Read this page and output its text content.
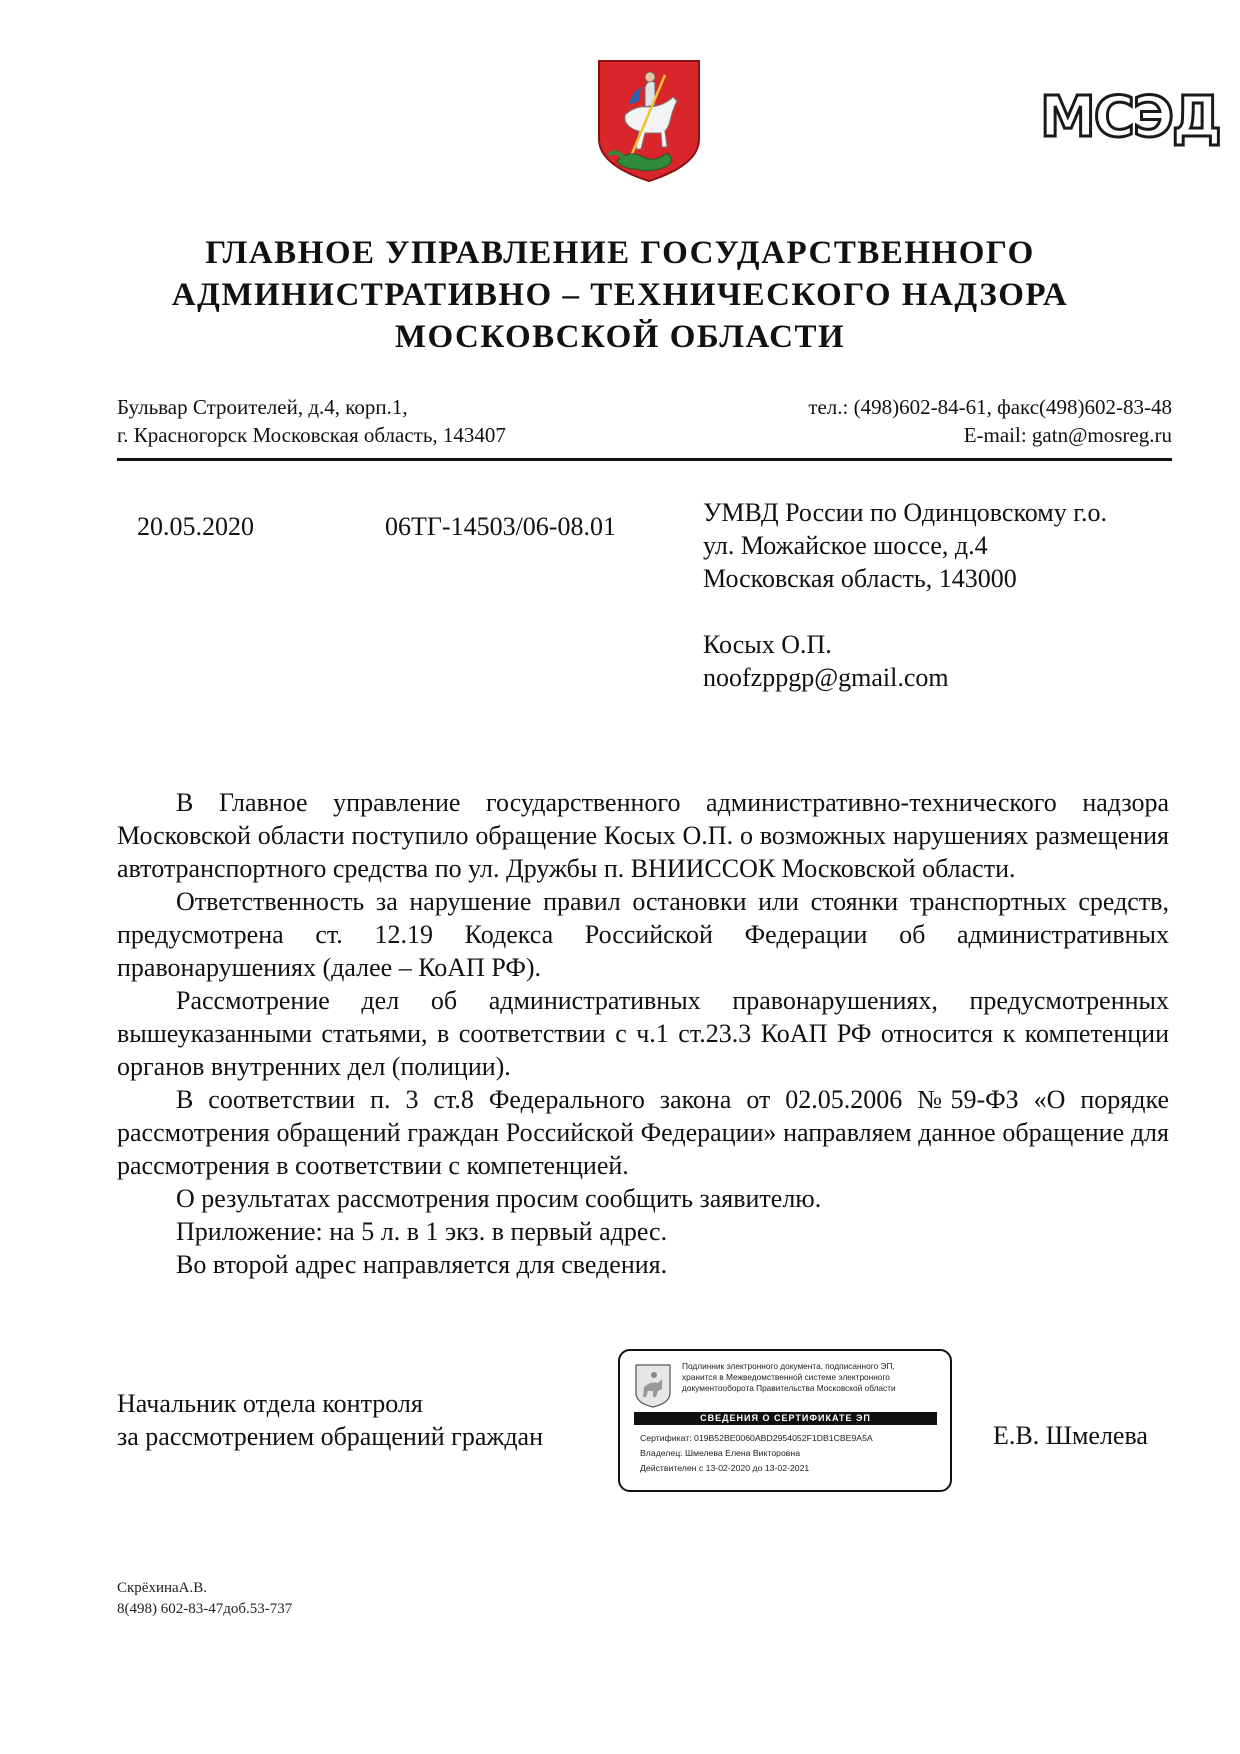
МСЭД
ГЛАВНОЕ УПРАВЛЕНИЕ ГОСУДАРСТВЕННОГО
АДМИНИСТРАТИВНО – ТЕХНИЧЕСКОГО НАДЗОРА
МОСКОВСКОЙ ОБЛАСТИ
Бульвар Строителей, д.4, корп.1,
г. Красногорск Московская область, 143407
тел.: (498)602-84-61, факс(498)602-83-48
E-mail: gatn@mosreg.ru
20.05.2020	06ТГ-14503/06-08.01	УМВД России по Одинцовскому г.о.
ул. Можайское шоссе, д.4
Московская область, 143000
Косых О.П.
noofzppgp@gmail.com

В Главное управление государственного административно-технического надзора Московской области поступило обращение Косых О.П. о возможных нарушениях размещения автотранспортного средства по ул. Дружбы п. ВНИИССОК Московской области.

Ответственность за нарушение правил остановки или стоянки транспортных средств, предусмотрена ст. 12.19 Кодекса Российской Федерации об административных правонарушениях (далее – КоАП РФ).

Рассмотрение дел об административных правонарушениях, предусмотренных вышеуказанными статьями, в соответствии с ч.1 ст.23.3 КоАП РФ относится к компетенции органов внутренних дел (полиции).

В соответствии п. 3 ст.8 Федерального закона от 02.05.2006 №59-ФЗ «О порядке рассмотрения обращений граждан Российской Федерации» направляем данное обращение для рассмотрения в соответствии с компетенцией.

О результатах рассмотрения просим сообщить заявителю.

Приложение: на 5 л. в 1 экз. в первый адрес.

Во второй адрес направляется для сведения.

Начальник отдела контроля
за рассмотрением обращений граждан
Подлинник электронного документа, подписанного ЭП,
хранится в Межведомственной системе электронного
документооборота Правительства Московской области
СВЕДЕНИЯ О СЕРТИФИКАТЕ ЭП
Сертификат: 019B52BE0060ABD2954052F1DB1CBE9A5A
Владелец: Шмелева Елена Викторовна
Действителен с 13-02-2020 до 13-02-2021
Е.В. Шмелева
СкрёхинаА.В.
8(498) 602-83-47доб.53-737
